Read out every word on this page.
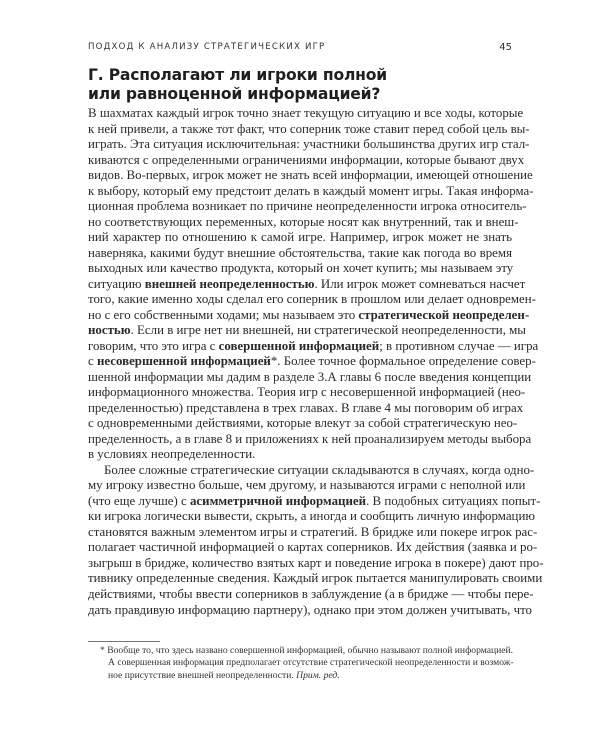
ПОДХОД К АНАЛИЗУ СТРАТЕГИЧЕСКИХ ИГР	45
Г. Располагают ли игроки полной
или равноценной информацией?
В шахматах каждый игрок точно знает текущую ситуацию и все ходы, которые
к ней привели, а также тот факт, что соперник тоже ставит перед собой цель вы-
играть. Эта ситуация исключительная: участники большинства других игр стал-
киваются с определенными ограничениями информации, которые бывают двух
видов. Во-первых, игрок может не знать всей информации, имеющей отношение
к выбору, который ему предстоит делать в каждый момент игры. Такая информа-
ционная проблема возникает по причине неопределенности игрока относитель-
но соответствующих переменных, которые носят как внутренний, так и внеш-
ний характер по отношению к самой игре. Например, игрок может не знать
наверняка, какими будут внешние обстоятельства, такие как погода во время
выходных или качество продукта, который он хочет купить; мы называем эту
ситуацию внешней неопределенностью. Или игрок может сомневаться насчет
того, какие именно ходы сделал его соперник в прошлом или делает одновремен-
но с его собственными ходами; мы называем это стратегической неопределен-
ностью. Если в игре нет ни внешней, ни стратегической неопределенности, мы
говорим, что это игра с совершенной информацией; в противном случае — игра
с несовершенной информацией*. Более точное формальное определение совер-
шенной информации мы дадим в разделе 3.А главы 6 после введения концепции
информационного множества. Теория игр с несовершенной информацией (нео-
пределенностью) представлена в трех главах. В главе 4 мы поговорим об играх
с одновременными действиями, которые влекут за собой стратегическую нео-
пределенность, а в главе 8 и приложениях к ней проанализируем методы выбора
в условиях неопределенности.
Более сложные стратегические ситуации складываются в случаях, когда одно-
му игроку известно больше, чем другому, и называются играми с неполной или
(что еще лучше) с асимметричной информацией. В подобных ситуациях попыт-
ки игрока логически вывести, скрыть, а иногда и сообщить личную информацию
становятся важным элементом игры и стратегий. В бридже или покере игрок рас-
полагает частичной информацией о картах соперников. Их действия (заявка и ро-
зыгрыш в бридже, количество взятых карт и поведение игрока в покере) дают про-
тивнику определенные сведения. Каждый игрок пытается манипулировать своими
действиями, чтобы ввести соперников в заблуждение (а в бридже — чтобы пере-
дать правдивую информацию партнеру), однако при этом должен учитывать, что
* Вообще то, что здесь названо совершенной информацией, обычно называют полной информацией.
А совершенная информация предполагает отсутствие стратегической неопределенности и возмож-
ное присутствие внешней неопределенности. Прим. ред.
